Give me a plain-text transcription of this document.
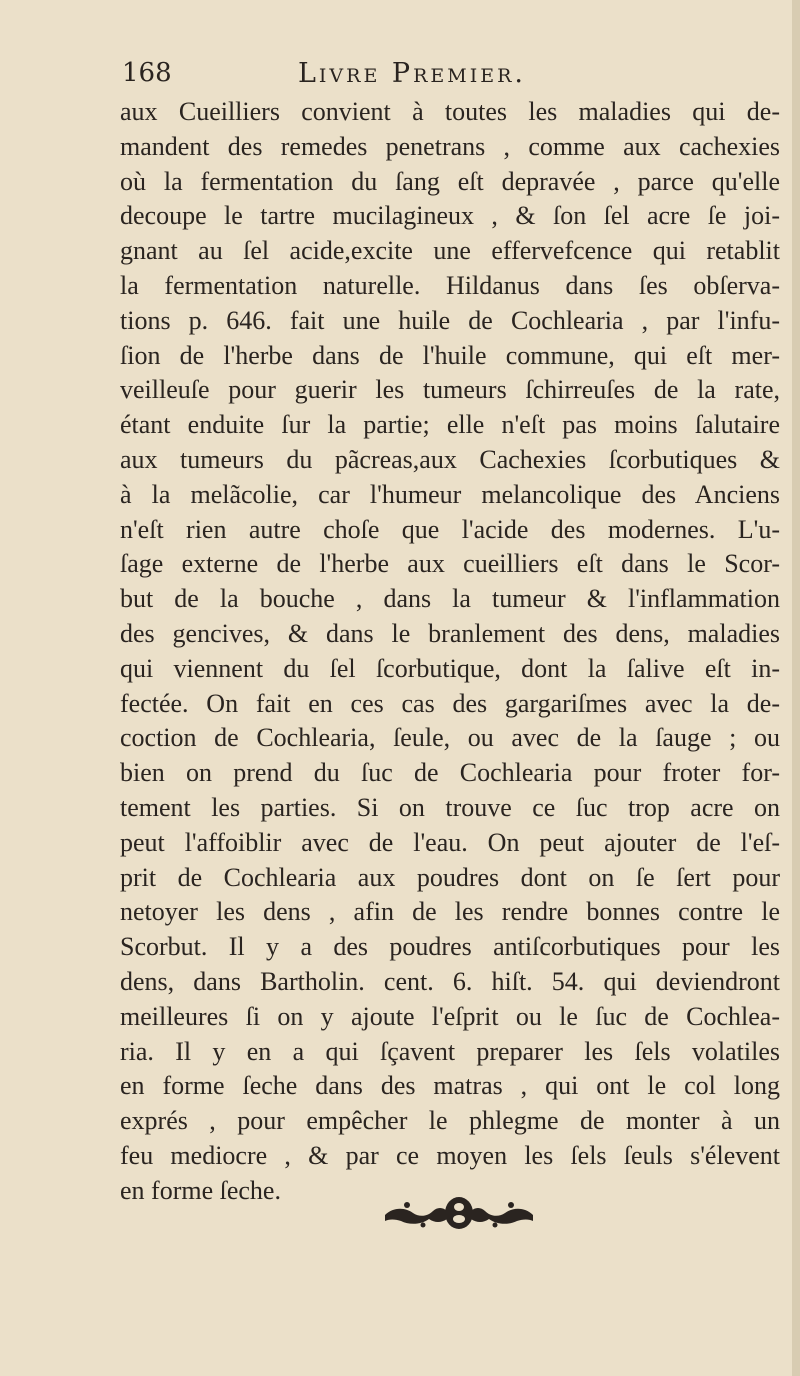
168	Livre Premier.
aux Cueilliers convient à toutes les maladies qui de-
mandent des remedes penetrans , comme aux cachexies
où la fermentation du ſang eſt depravée , parce qu'elle
decoupe le tartre mucilagineux , & ſon ſel acre ſe joi-
gnant au ſel acide,excite une effervefcence qui retablit
la fermentation naturelle. Hildanus dans ſes obſerva-
tions p. 646. fait une huile de Cochlearia , par l'infu-
ſion de l'herbe dans de l'huile commune, qui eſt mer-
veilleuſe pour guerir les tumeurs ſchirreuſes de la rate,
étant enduite ſur la partie; elle n'eſt pas moins ſalutaire
aux tumeurs du pãcreas,aux Cachexies ſcorbutiques &
à la melãcolie, car l'humeur melancolique des Anciens
n'eſt rien autre choſe que l'acide des modernes. L'u-
ſage externe de l'herbe aux cueilliers eſt dans le Scor-
but de la bouche , dans la tumeur & l'inflammation
des gencives, & dans le branlement des dens, maladies
qui viennent du ſel ſcorbutique, dont la ſalive eſt in-
fectée. On fait en ces cas des gargariſmes avec la de-
coction de Cochlearia, ſeule, ou avec de la ſauge ; ou
bien on prend du ſuc de Cochlearia pour froter for-
tement les parties. Si on trouve ce ſuc trop acre on
peut l'affoiblir avec de l'eau. On peut ajouter de l'eſ-
prit de Cochlearia aux poudres dont on ſe ſert pour
netoyer les dens , afin de les rendre bonnes contre le
Scorbut. Il y a des poudres antiſcorbutiques pour les
dens, dans Bartholin. cent. 6. hiſt. 54. qui deviendront
meilleures ſi on y ajoute l'eſprit ou le ſuc de Cochlea-
ria. Il y en a qui ſçavent preparer les ſels volatiles
en forme ſeche dans des matras , qui ont le col long
exprés , pour empêcher le phlegme de monter à un
feu mediocre , & par ce moyen les ſels ſeuls s'élevent
en forme ſeche.
